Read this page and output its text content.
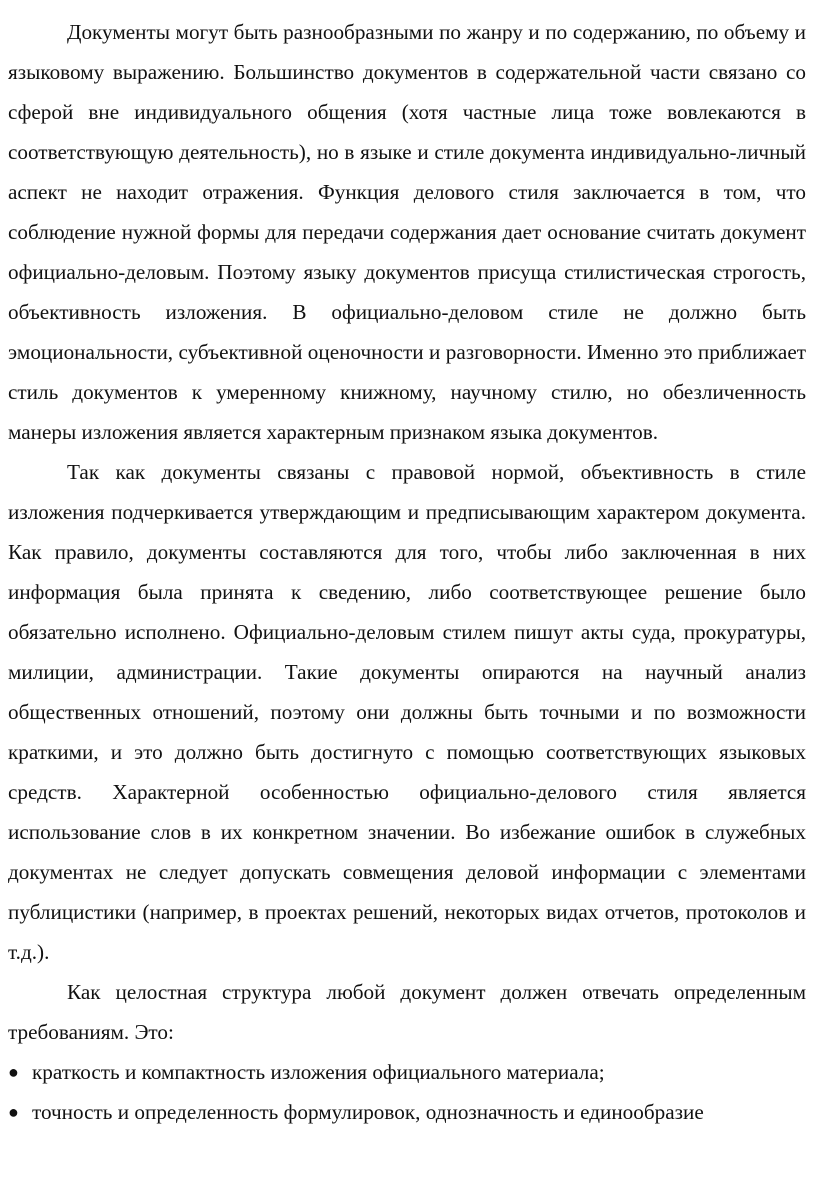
Документы могут быть разнообразными по жанру и по содержанию, по объему и языковому выражению. Большинство документов в содержательной части связано со сферой вне индивидуального общения (хотя частные лица тоже вовлекаются в соответствующую деятельность), но в языке и стиле документа индивидуально-личный аспект не находит отражения. Функция делового стиля заключается в том, что соблюдение нужной формы для передачи содержания дает основание считать документ официально-деловым. Поэтому языку документов присуща стилистическая строгость, объективность изложения. В официально-деловом стиле не должно быть эмоциональности, субъективной оценочности и разговорности. Именно это приближает стиль документов к умеренному книжному, научному стилю, но обезличенность манеры изложения является характерным признаком языка документов.

Так как документы связаны с правовой нормой, объективность в стиле изложения подчеркивается утверждающим и предписывающим характером документа. Как правило, документы составляются для того, чтобы либо заключенная в них информация была принята к сведению, либо соответствующее решение было обязательно исполнено. Официально-деловым стилем пишут акты суда, прокуратуры, милиции, администрации. Такие документы опираются на научный анализ общественных отношений, поэтому они должны быть точными и по возможности краткими, и это должно быть достигнуто с помощью соответствующих языковых средств. Характерной особенностью официально-делового стиля является использование слов в их конкретном значении. Во избежание ошибок в служебных документах не следует допускать совмещения деловой информации с элементами публицистики (например, в проектах решений, некоторых видах отчетов, протоколов и т.д.).

Как целостная структура любой документ должен отвечать определенным требованиям. Это:

● краткость и компактность изложения официального материала;
● точность и определенность формулировок, однозначность и единообразие
